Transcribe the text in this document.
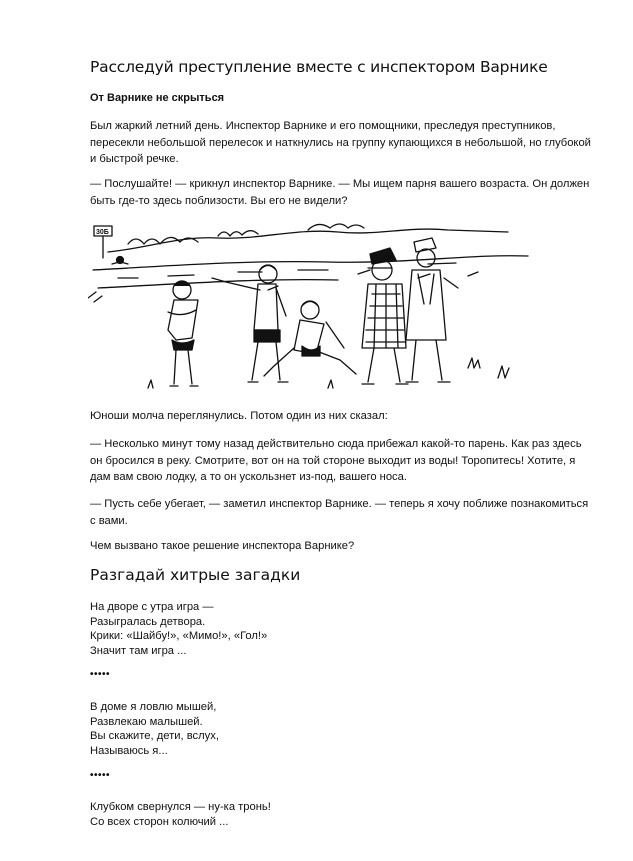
Расследуй преступление вместе с инспектором Варнике
От Варнике не скрыться
Был жаркий летний день. Инспектор Варнике и его помощники, преследуя преступников, пересекли небольшой перелесок и наткнулись на группу купающихся в небольшой, но глубокой и быстрой речке.
— Послушайте! — крикнул инспектор Варнике. — Мы ищем парня вашего возраста. Он должен быть где-то здесь поблизости. Вы его не видели?
30Б
Юноши молча переглянулись. Потом один из них сказал:
— Несколько минут тому назад действительно сюда прибежал какой-то парень. Как раз здесь он бросился в реку. Смотрите, вот он на той стороне выходит из воды! Торопитесь! Хотите, я дам вам свою лодку, а то он ускользнет из-под, вашего носа.
— Пусть себе убегает, — заметил инспектор Варнике. — теперь я хочу поближе познакомиться с вами.
Чем вызвано такое решение инспектора Варнике?
Разгадай хитрые загадки
На дворе с утра игра —
Разыгралась детвора.
Крики: «Шайбу!», «Мимо!», «Гол!»
Значит там игра ...
•••••
В доме я ловлю мышей,
Развлекаю малышей.
Вы скажите, дети, вслух,
Называюсь я...
•••••
Клубком свернулся — ну-ка тронь!
Со всех сторон колючий ...
